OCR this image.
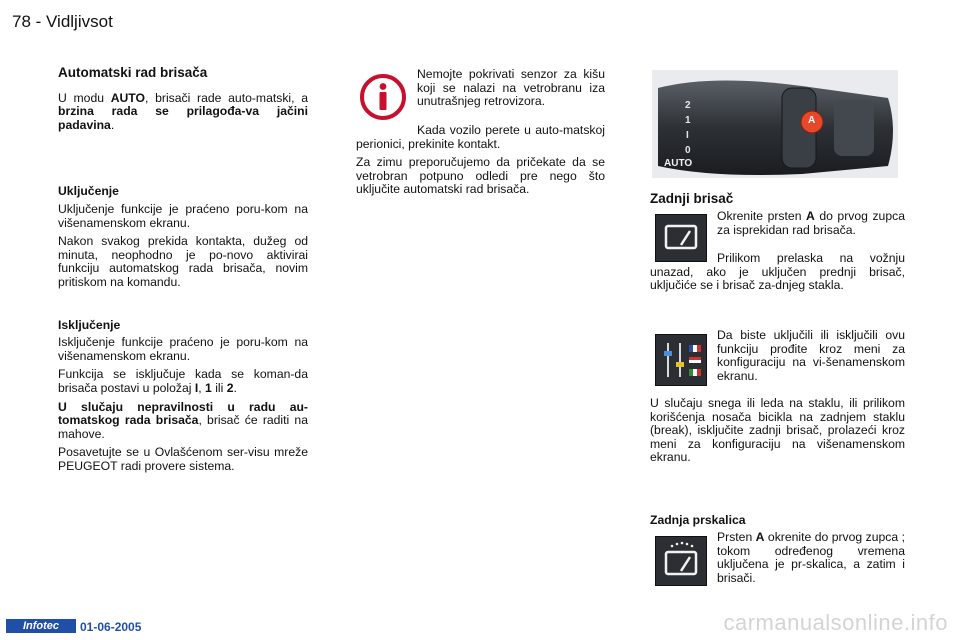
78 - Vidljivsot
Automatski rad brisača

U modu AUTO, brisači rade auto-matski, a brzina rada se prilagođa-va jačini padavina.

Uključenje

Uključenje funkcije je praćeno poru-kom na višenamenskom ekranu.

Nakon svakog prekida kontakta, dužeg od minuta, neophodno je po-novo aktivirai funkciju automatskog rada brisača, novim pritiskom na komandu.

Isključenje

Isključenje funkcije praćeno je poru-kom na višenamenskom ekranu.

Funkcija se isključuje kada se koman-da brisača postavi u položaj I, 1 ili 2.

U slučaju nepravilnosti u radu au-tomatskog rada brisača, brisač će raditi na mahove.

Posavetujte se u Ovlašćenom ser-visu mreže PEUGEOT radi provere sistema.

Nemojte pokrivati senzor za kišu koji se nalazi na vetrobranu iza unutrašnjeg retrovizora.

Kada vozilo perete u auto-matskoj perionici, prekinite kontakt.

Za zimu preporučujemo da pričekate da se vetrobran potpuno odledi pre nego što uključite automatski rad brisača.

2
1
I
0
AUTO
A
Zadnji brisač

Okrenite prsten A do prvog zupca za isprekidan rad brisača.

Prilikom prelaska na vožnju unazad, ako je uključen prednji brisač, uključiće se i brisač za-dnjeg stakla.

Da biste uključili ili isključili ovu funkciju prođite kroz meni za konfiguraciju na vi-šenamenskom ekranu.

U slučaju snega ili leda na staklu, ili prilikom korišćenja nosača bicikla na zadnjem staklu (break), isključite zadnji brisač, prolazeći kroz meni za konfiguraciju na višenamenskom ekranu.

Zadnja prskalica

Prsten A okrenite do prvog zupca ; tokom određenog vremena uključena je pr-skalica, a zatim i brisači.

Infotec	01-06-2005	carmanualsonline.info
